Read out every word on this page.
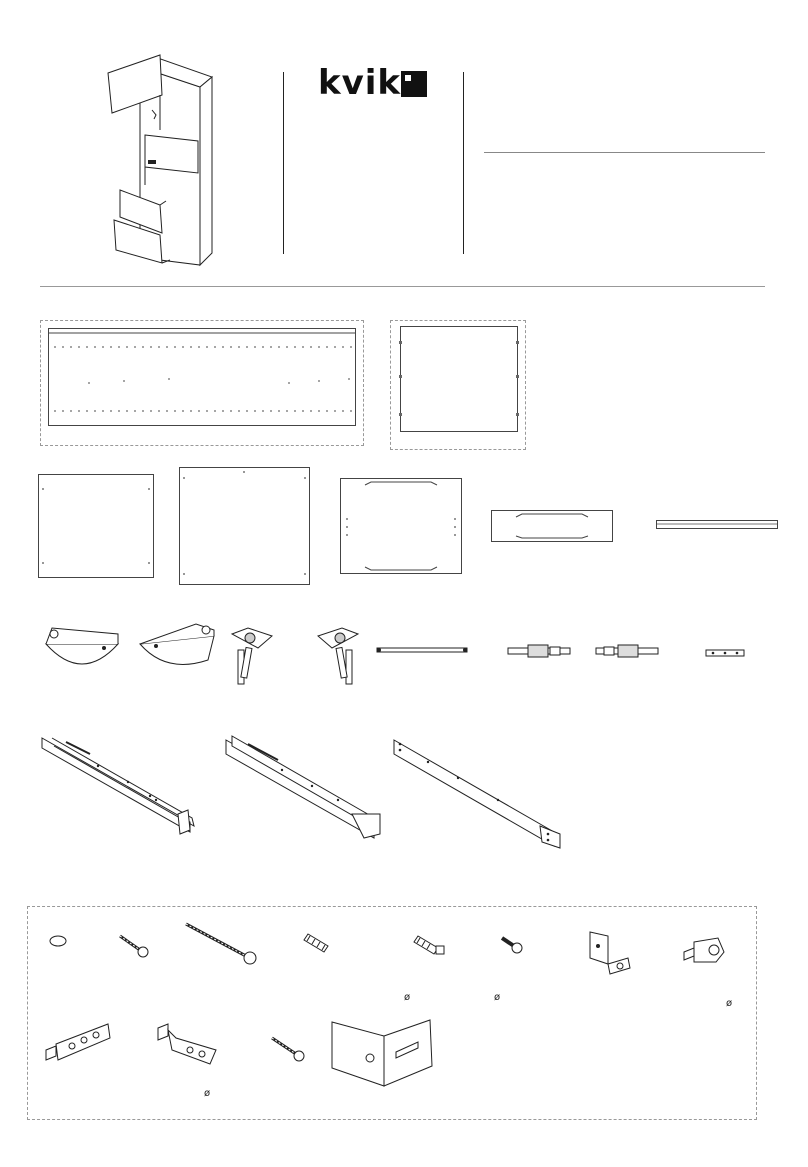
kvik
ø	ø
ø
ø
